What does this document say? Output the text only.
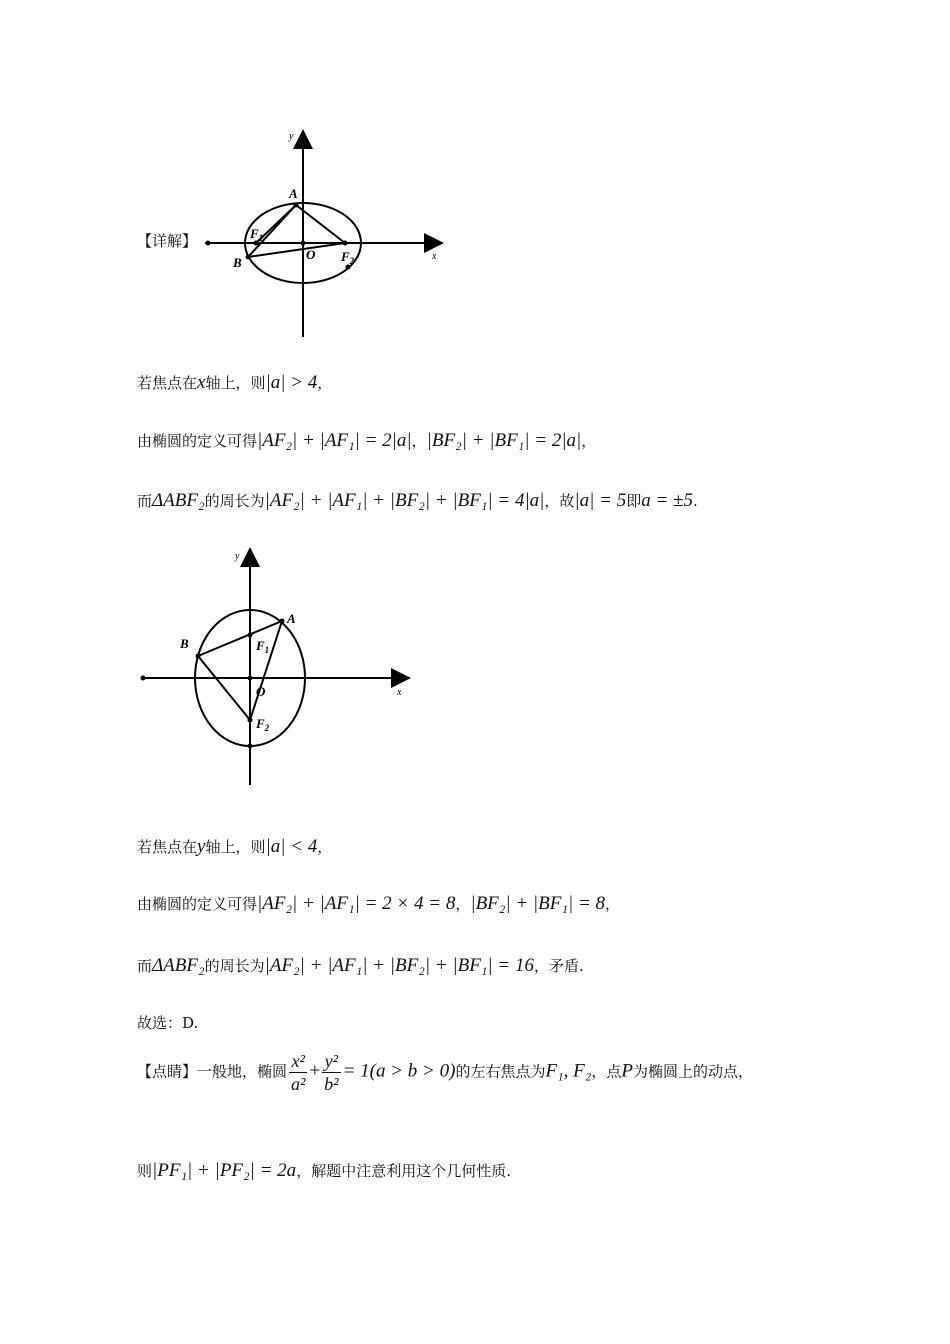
【详解】
A
B
O
$F_1$
$F_2$	x
y
若焦点在x轴上，则|a| > 4，
由椭圆的定义可得|AF₂| + |AF₁| = 2|a|，|BF₂| + |BF₁| = 2|a|，
而ΔABF₂的周长为|AF₂| + |AF₁| + |BF₂| + |BF₁| = 4|a|，故|a| = 5即a = ±5.
A
B
O
$F_1$
$F_2$
x
y
若焦点在y轴上，则|a| < 4，
由椭圆的定义可得|AF₂| + |AF₁| = 2 × 4 = 8，|BF₂| + |BF₁| = 8，
而ΔABF₂的周长为|AF₂| + |AF₁| + |BF₂| + |BF₁| = 16，矛盾.
故选：D.
【点睛】一般地，椭圆 $\frac{\text{x²}}{\text{a²}} + \frac{\text{y²}}{\text{b²}} = 1(a > b > 0)$的左右焦点为F₁, F₂，点P为椭圆上的动点，
则|PF₁| + |PF₂| = 2a，解题中注意利用这个几何性质.
